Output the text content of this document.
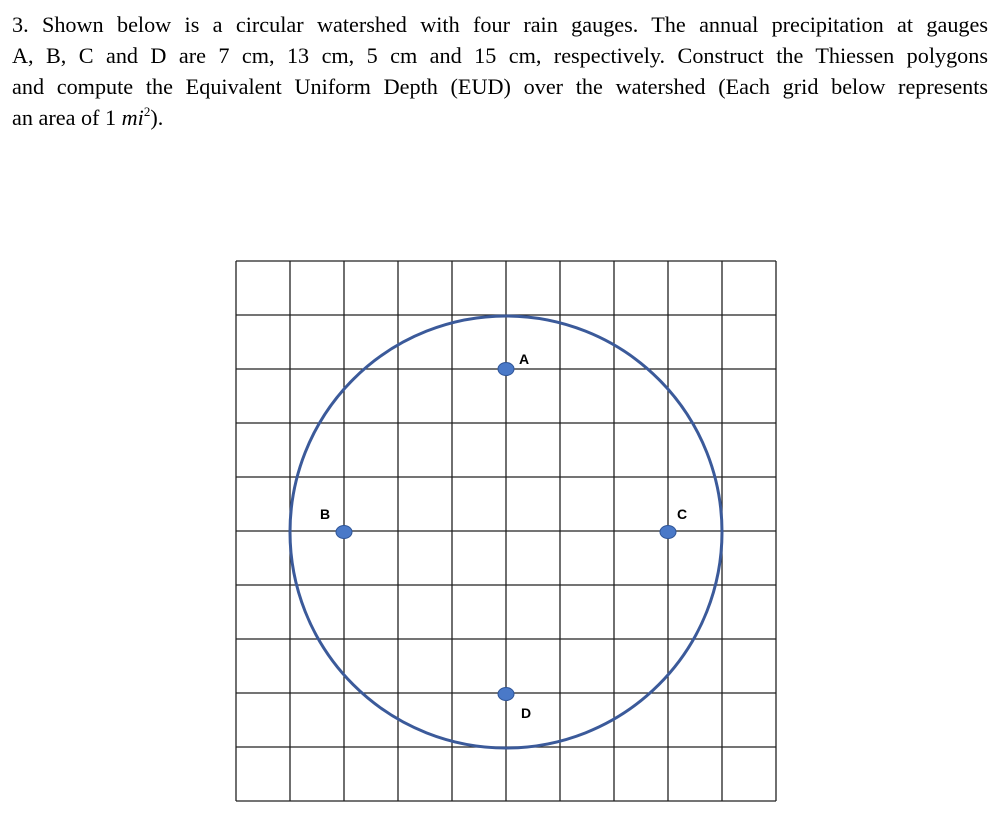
3. Shown below is a circular watershed with four rain gauges. The annual precipitation at gauges
A, B, C and D are 7 cm, 13 cm, 5 cm and 15 cm, respectively. Construct the Thiessen polygons
and compute the Equivalent Uniform Depth (EUD) over the watershed (Each grid below represents
an area of 1 $mi^2$).
A
B	C
D
